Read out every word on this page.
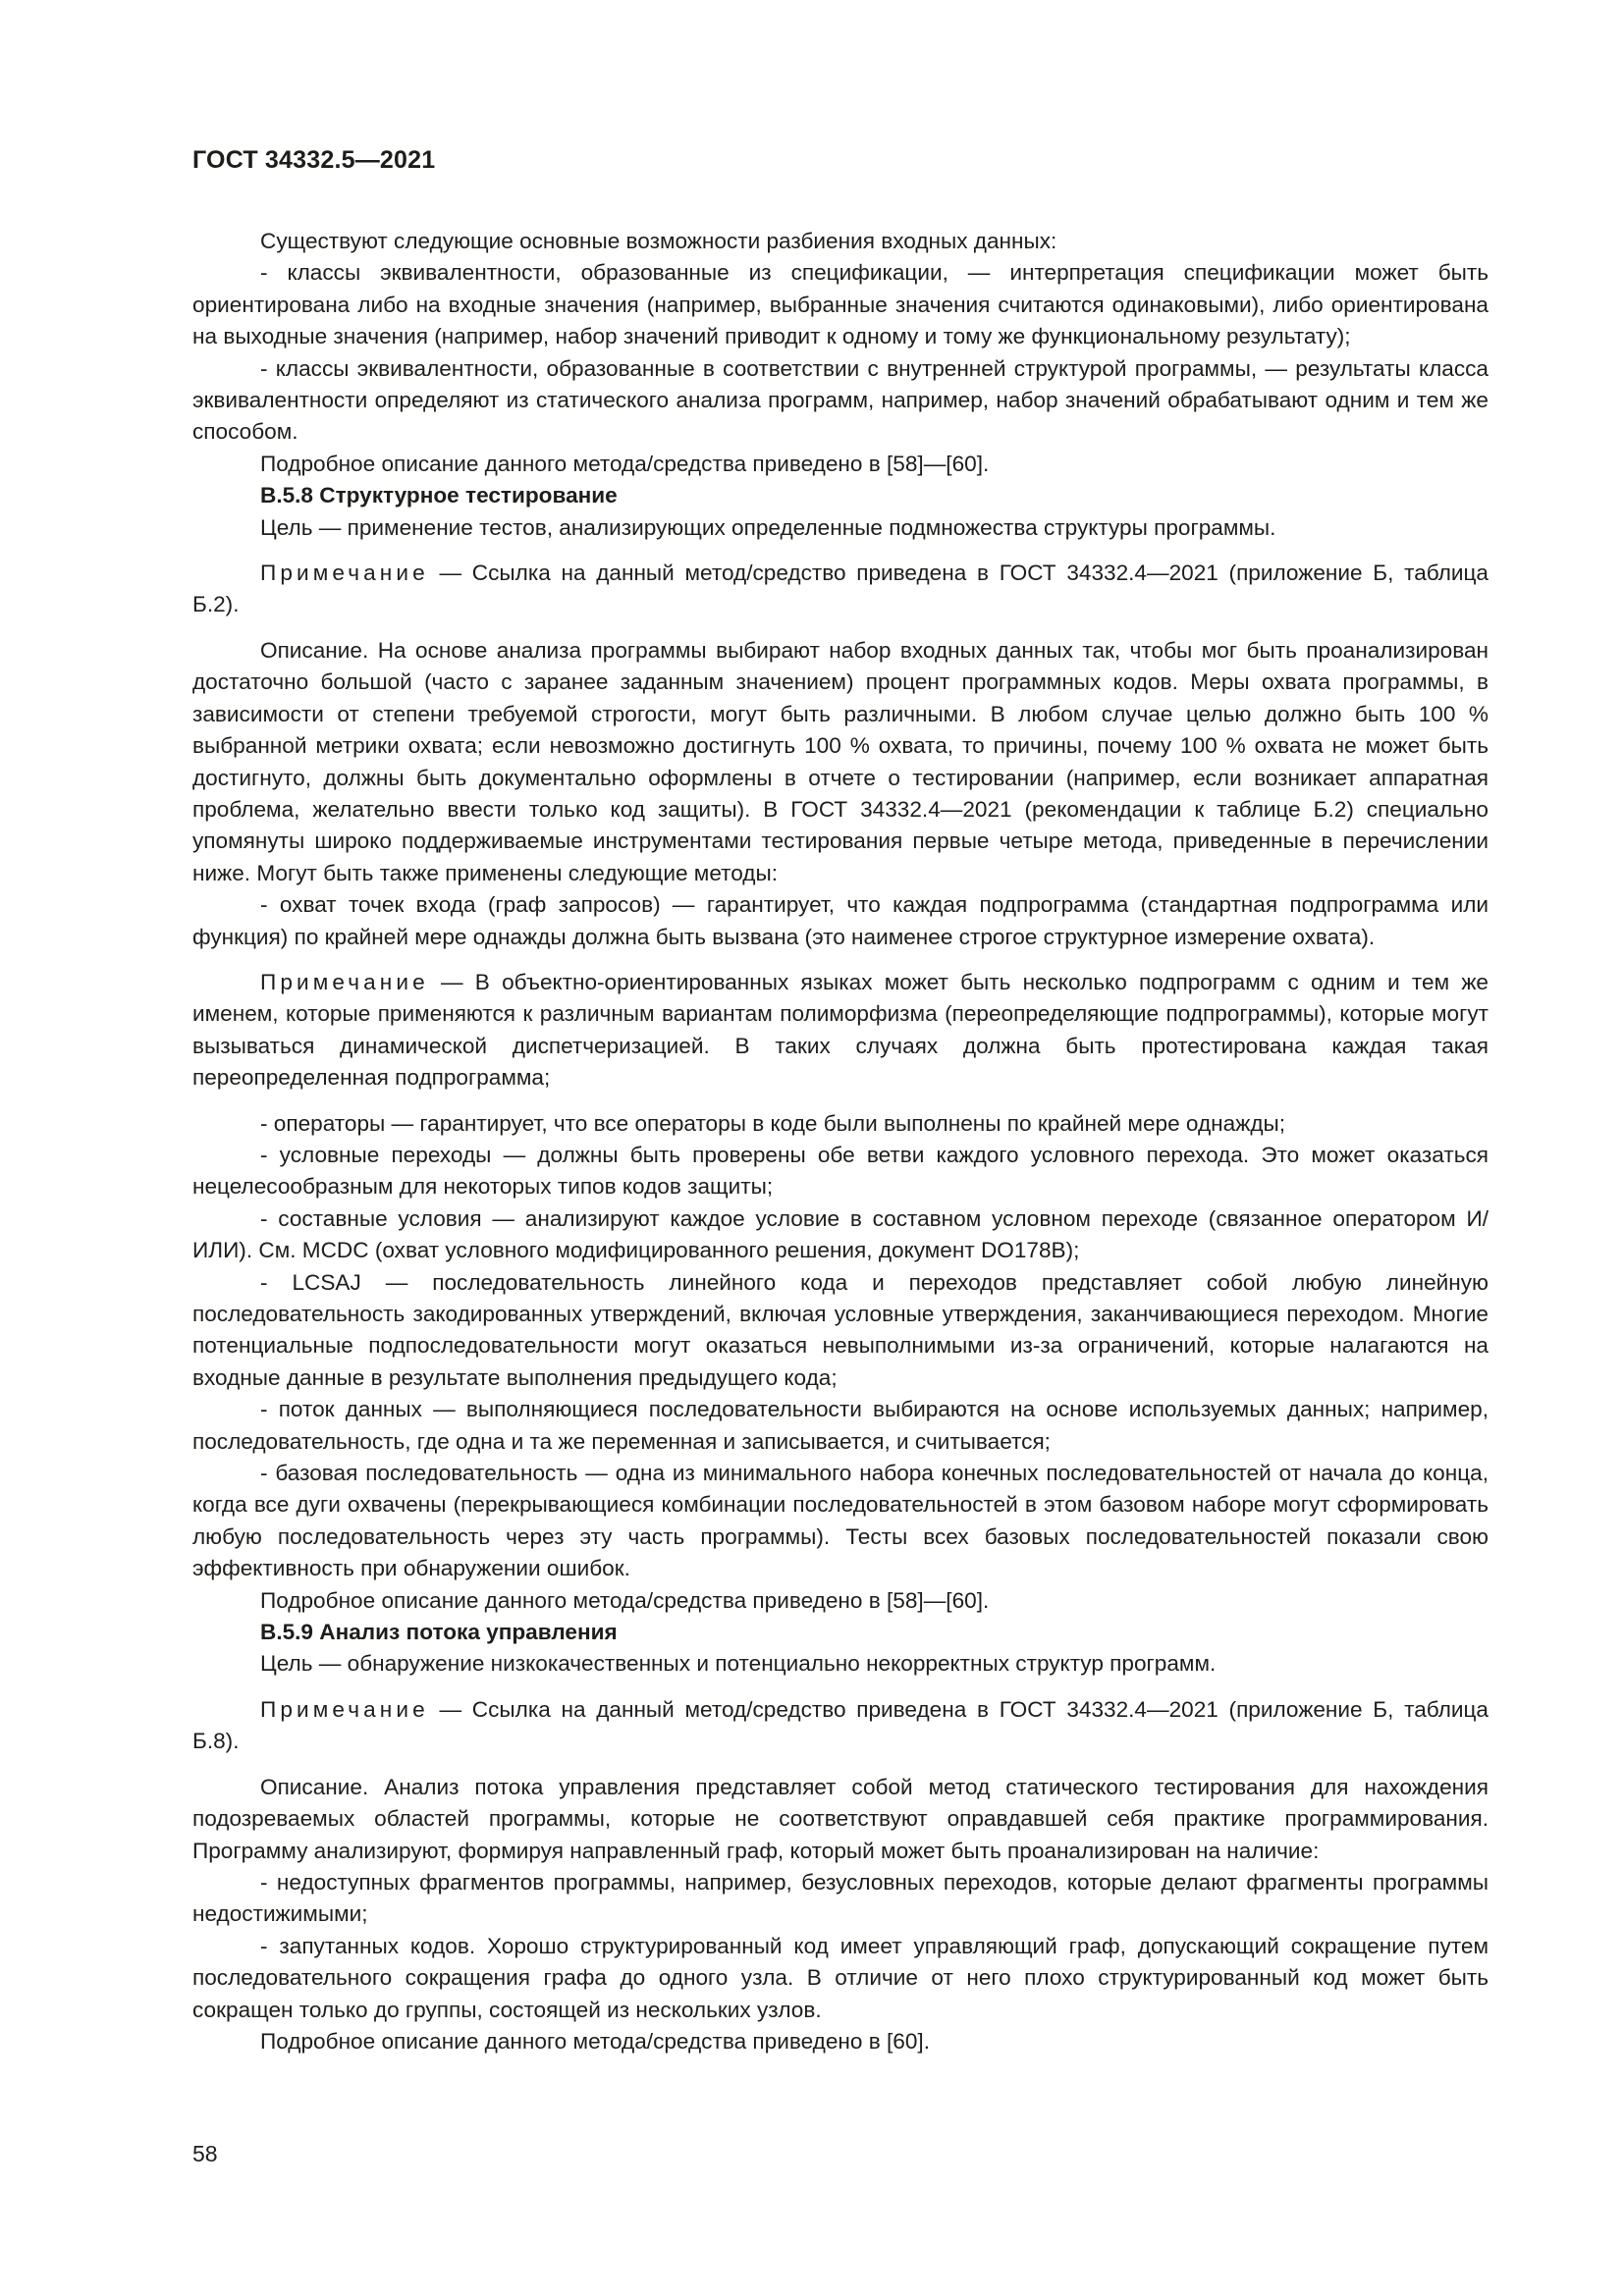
ГОСТ 34332.5—2021

Существуют следующие основные возможности разбиения входных данных:

- классы эквивалентности, образованные из спецификации, — интерпретация спецификации может быть ориентирована либо на входные значения (например, выбранные значения считаются одинаковыми), либо ориентирована на выходные значения (например, набор значений приводит к одному и тому же функциональному результату);

- классы эквивалентности, образованные в соответствии с внутренней структурой программы, — результаты класса эквивалентности определяют из статического анализа программ, например, набор значений обрабатывают одним и тем же способом.

Подробное описание данного метода/средства приведено в [58]—[60].

В.5.8 Структурное тестирование

Цель — применение тестов, анализирующих определенные подмножества структуры программы.

Примечание — Ссылка на данный метод/средство приведена в ГОСТ 34332.4—2021 (приложение Б, таблица Б.2).

Описание. На основе анализа программы выбирают набор входных данных так, чтобы мог быть проанализирован достаточно большой (часто с заранее заданным значением) процент программных кодов. Меры охвата программы, в зависимости от степени требуемой строгости, могут быть различными. В любом случае целью должно быть 100 % выбранной метрики охвата; если невозможно достигнуть 100 % охвата, то причины, почему 100 % охвата не может быть достигнуто, должны быть документально оформлены в отчете о тестировании (например, если возникает аппаратная проблема, желательно ввести только код защиты). В ГОСТ 34332.4—2021 (рекомендации к таблице Б.2) специально упомянуты широко поддерживаемые инструментами тестирования первые четыре метода, приведенные в перечислении ниже. Могут быть также применены следующие методы:

- охват точек входа (граф запросов) — гарантирует, что каждая подпрограмма (стандартная подпрограмма или функция) по крайней мере однажды должна быть вызвана (это наименее строгое структурное измерение охвата).

Примечание — В объектно-ориентированных языках может быть несколько подпрограмм с одним и тем же именем, которые применяются к различным вариантам полиморфизма (переопределяющие подпрограммы), которые могут вызываться динамической диспетчеризацией. В таких случаях должна быть протестирована каждая такая переопределенная подпрограмма;

- операторы — гарантирует, что все операторы в коде были выполнены по крайней мере однажды;

- условные переходы — должны быть проверены обе ветви каждого условного перехода. Это может оказаться нецелесообразным для некоторых типов кодов защиты;

- составные условия — анализируют каждое условие в составном условном переходе (связанное оператором И/ИЛИ). См. MCDC (охват условного модифицированного решения, документ DO178B);

- LCSAJ — последовательность линейного кода и переходов представляет собой любую линейную последовательность закодированных утверждений, включая условные утверждения, заканчивающиеся переходом. Многие потенциальные подпоследовательности могут оказаться невыполнимыми из-за ограничений, которые налагаются на входные данные в результате выполнения предыдущего кода;

- поток данных — выполняющиеся последовательности выбираются на основе используемых данных; например, последовательность, где одна и та же переменная и записывается, и считывается;

- базовая последовательность — одна из минимального набора конечных последовательностей от начала до конца, когда все дуги охвачены (перекрывающиеся комбинации последовательностей в этом базовом наборе могут сформировать любую последовательность через эту часть программы). Тесты всех базовых последовательностей показали свою эффективность при обнаружении ошибок.

Подробное описание данного метода/средства приведено в [58]—[60].

В.5.9 Анализ потока управления

Цель — обнаружение низкокачественных и потенциально некорректных структур программ.

Примечание — Ссылка на данный метод/средство приведена в ГОСТ 34332.4—2021 (приложение Б, таблица Б.8).

Описание. Анализ потока управления представляет собой метод статического тестирования для нахождения подозреваемых областей программы, которые не соответствуют оправдавшей себя практике программирования. Программу анализируют, формируя направленный граф, который может быть проанализирован на наличие:

- недоступных фрагментов программы, например, безусловных переходов, которые делают фрагменты программы недостижимыми;

- запутанных кодов. Хорошо структурированный код имеет управляющий граф, допускающий сокращение путем последовательного сокращения графа до одного узла. В отличие от него плохо структурированный код может быть сокращен только до группы, состоящей из нескольких узлов.

Подробное описание данного метода/средства приведено в [60].

58
